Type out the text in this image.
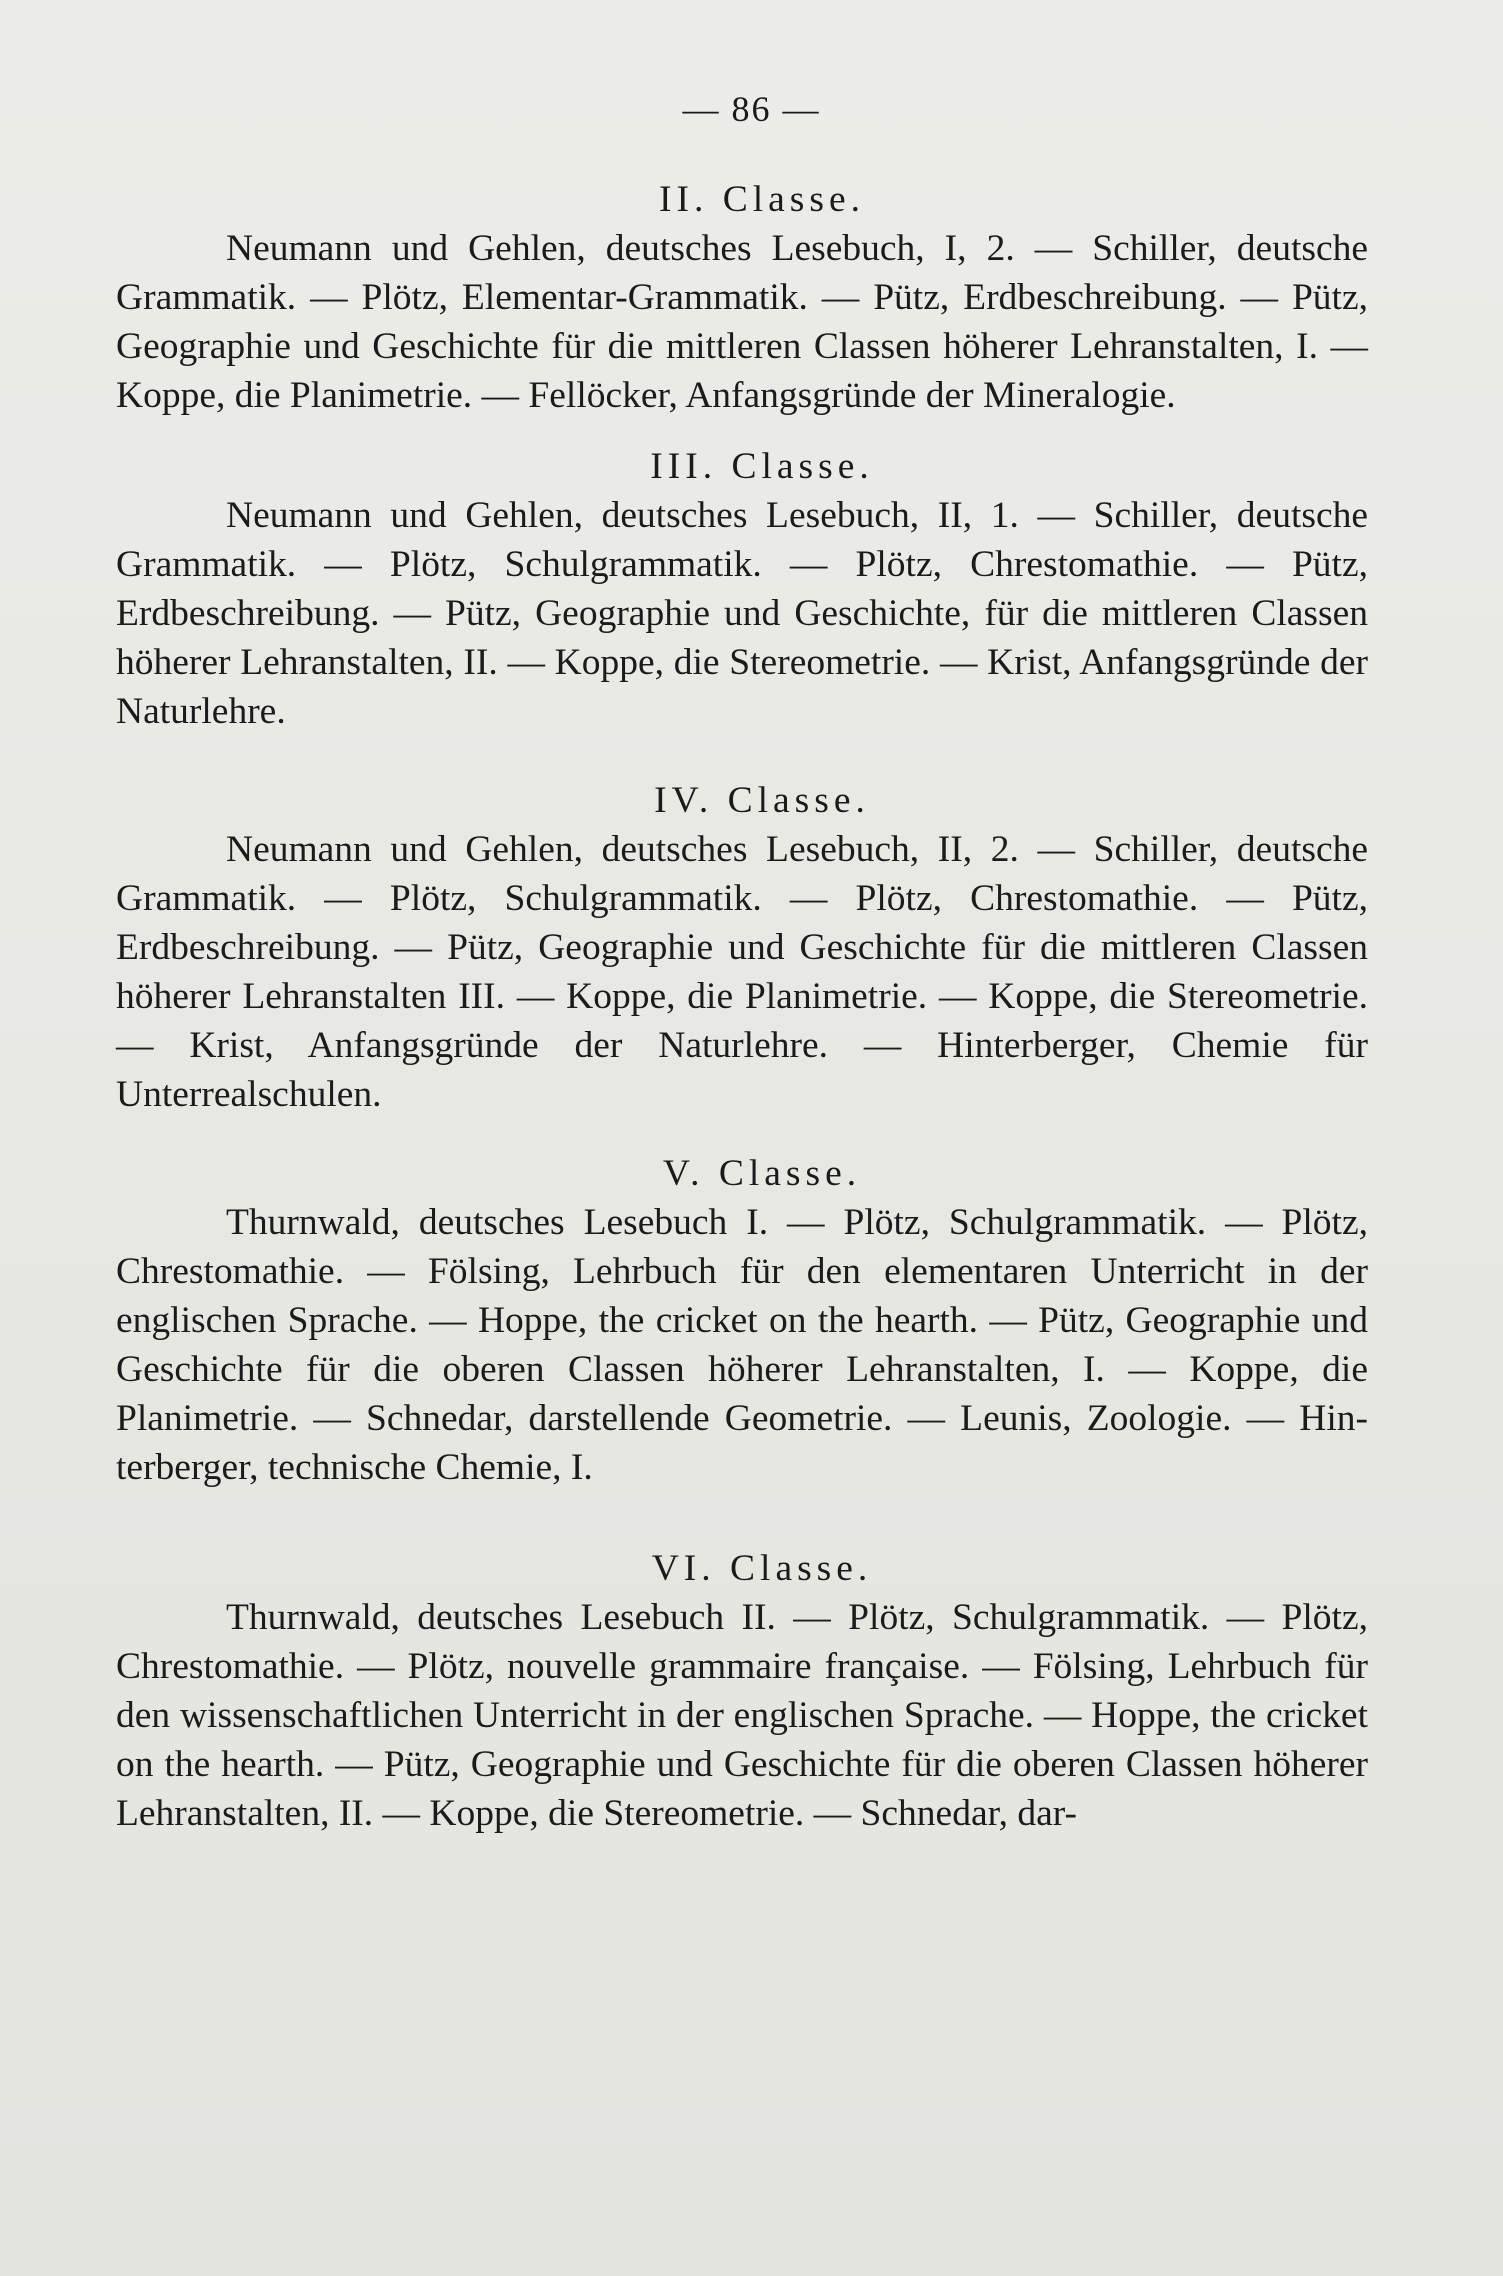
— 86 —

II. Classe.

Neumann und Gehlen, deutsches Lesebuch, I, 2. — Schiller, deutsche Grammatik. — Plötz, Elementar-Grammatik. — Pütz, Erdbeschreibung. — Pütz, Geographie und Geschichte für die mittleren Classen höherer Lehranstalten, I. — Koppe, die Planimetrie. — Fellöcker, Anfangsgründe der Mineralogie.

III. Classe.

Neumann und Gehlen, deutsches Lesebuch, II, 1. — Schiller, deutsche Grammatik. — Plötz, Schulgrammatik. — Plötz, Chrestomathie. — Pütz, Erdbeschreibung. — Pütz, Geographie und Geschichte, für die mittleren Classen höherer Lehranstalten, II. — Koppe, die Stereometrie. — Krist, Anfangsgründe der Naturlehre.

IV. Classe.

Neumann und Gehlen, deutsches Lesebuch, II, 2. — Schiller, deutsche Grammatik. — Plötz, Schulgrammatik. — Plötz, Chrestomathie. — Pütz, Erdbeschreibung. — Pütz, Geographie und Geschichte für die mittleren Classen höherer Lehranstalten III. — Koppe, die Planimetrie. — Koppe, die Stereometrie. — Krist, Anfangsgründe der Naturlehre. — Hinterberger, Chemie für Unterrealschulen.

V. Classe.

Thurnwald, deutsches Lesebuch I. — Plötz, Schulgrammatik. — Plötz, Chrestomathie. — Fölsing, Lehrbuch für den elementaren Unterricht in der englischen Sprache. — Hoppe, the cricket on the hearth. — Pütz, Geographie und Geschichte für die oberen Classen höherer Lehranstalten, I. — Koppe, die Planimetrie. — Schnedar, darstellende Geometrie. — Leunis, Zoologie. — Hinterberger, technische Chemie, I.

VI. Classe.

Thurnwald, deutsches Lesebuch II. — Plötz, Schulgrammatik. — Plötz, Chrestomathie. — Plötz, nouvelle grammaire française. — Fölsing, Lehrbuch für den wissenschaftlichen Unterricht in der englischen Sprache. — Hoppe, the cricket on the hearth. — Pütz, Geographie und Geschichte für die oberen Classen höherer Lehranstalten, II. — Koppe, die Stereometrie. — Schnedar, dar-
